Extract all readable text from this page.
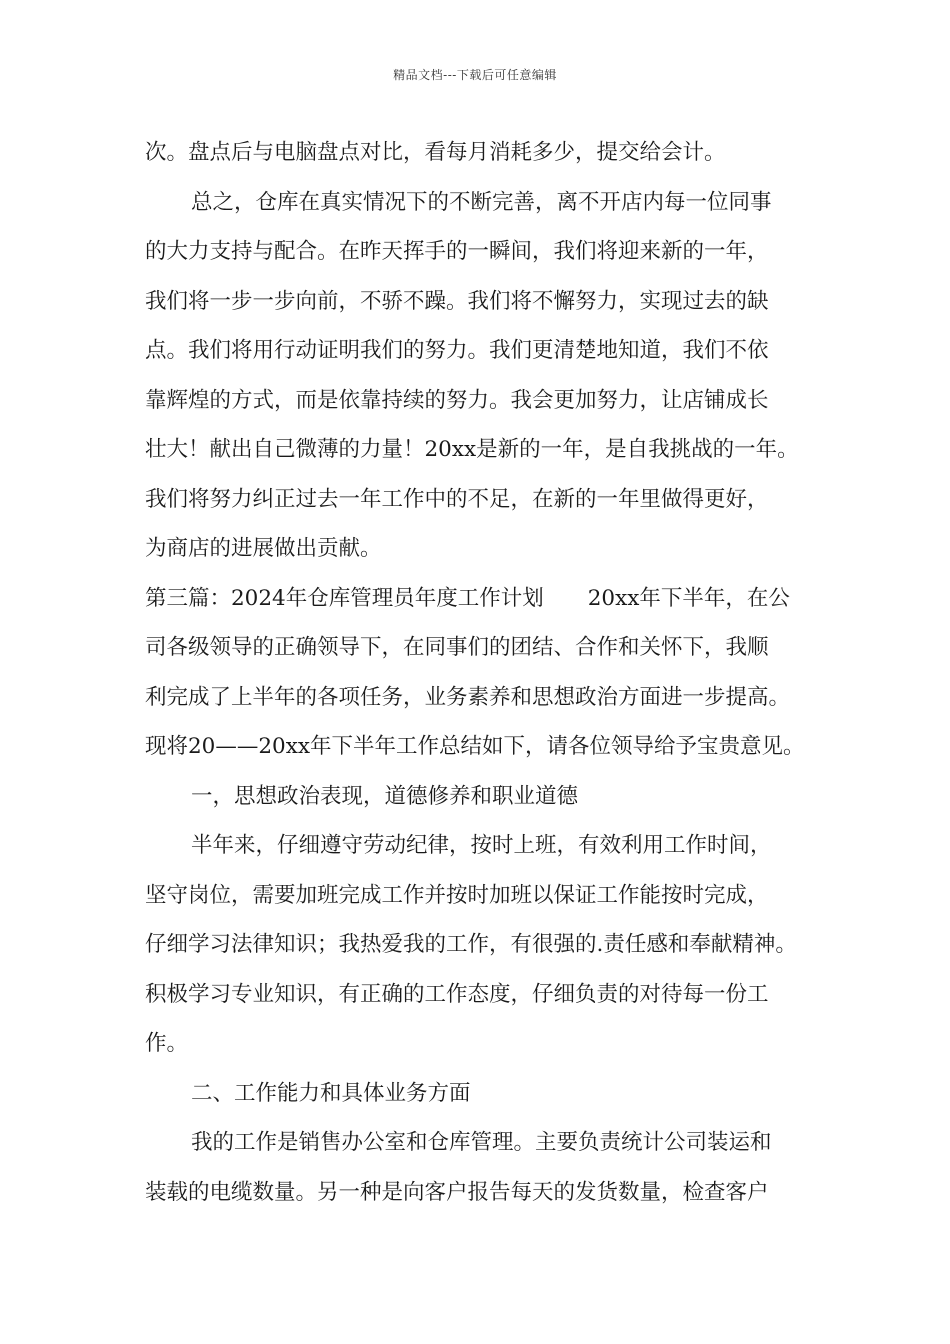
精品文档---下载后可任意编辑
次。盘点后与电脑盘点对比，看每月消耗多少，提交给会计。
总之，仓库在真实情况下的不断完善，离不开店内每一位同事
的大力支持与配合。在昨天挥手的一瞬间，我们将迎来新的一年，
我们将一步一步向前，不骄不躁。我们将不懈努力，实现过去的缺
点。我们将用行动证明我们的努力。我们更清楚地知道，我们不依
靠辉煌的方式，而是依靠持续的努力。我会更加努力，让店铺成长
壮大！献出自己微薄的力量！20xx是新的一年，是自我挑战的一年。
我们将努力纠正过去一年工作中的不足，在新的一年里做得更好，
为商店的进展做出贡献。
第三篇：2024年仓库管理员年度工作计划 20xx年下半年，在公
司各级领导的正确领导下，在同事们的团结、合作和关怀下，我顺
利完成了上半年的各项任务，业务素养和思想政治方面进一步提高。
现将20——20xx年下半年工作总结如下，请各位领导给予宝贵意见。
一，思想政治表现，道德修养和职业道德
半年来，仔细遵守劳动纪律，按时上班，有效利用工作时间，
坚守岗位，需要加班完成工作并按时加班以保证工作能按时完成，
仔细学习法律知识；我热爱我的工作，有很强的.责任感和奉献精神。
积极学习专业知识，有正确的工作态度，仔细负责的对待每一份工
作。
二、工作能力和具体业务方面
我的工作是销售办公室和仓库管理。主要负责统计公司装运和
装载的电缆数量。另一种是向客户报告每天的发货数量，检查客户
